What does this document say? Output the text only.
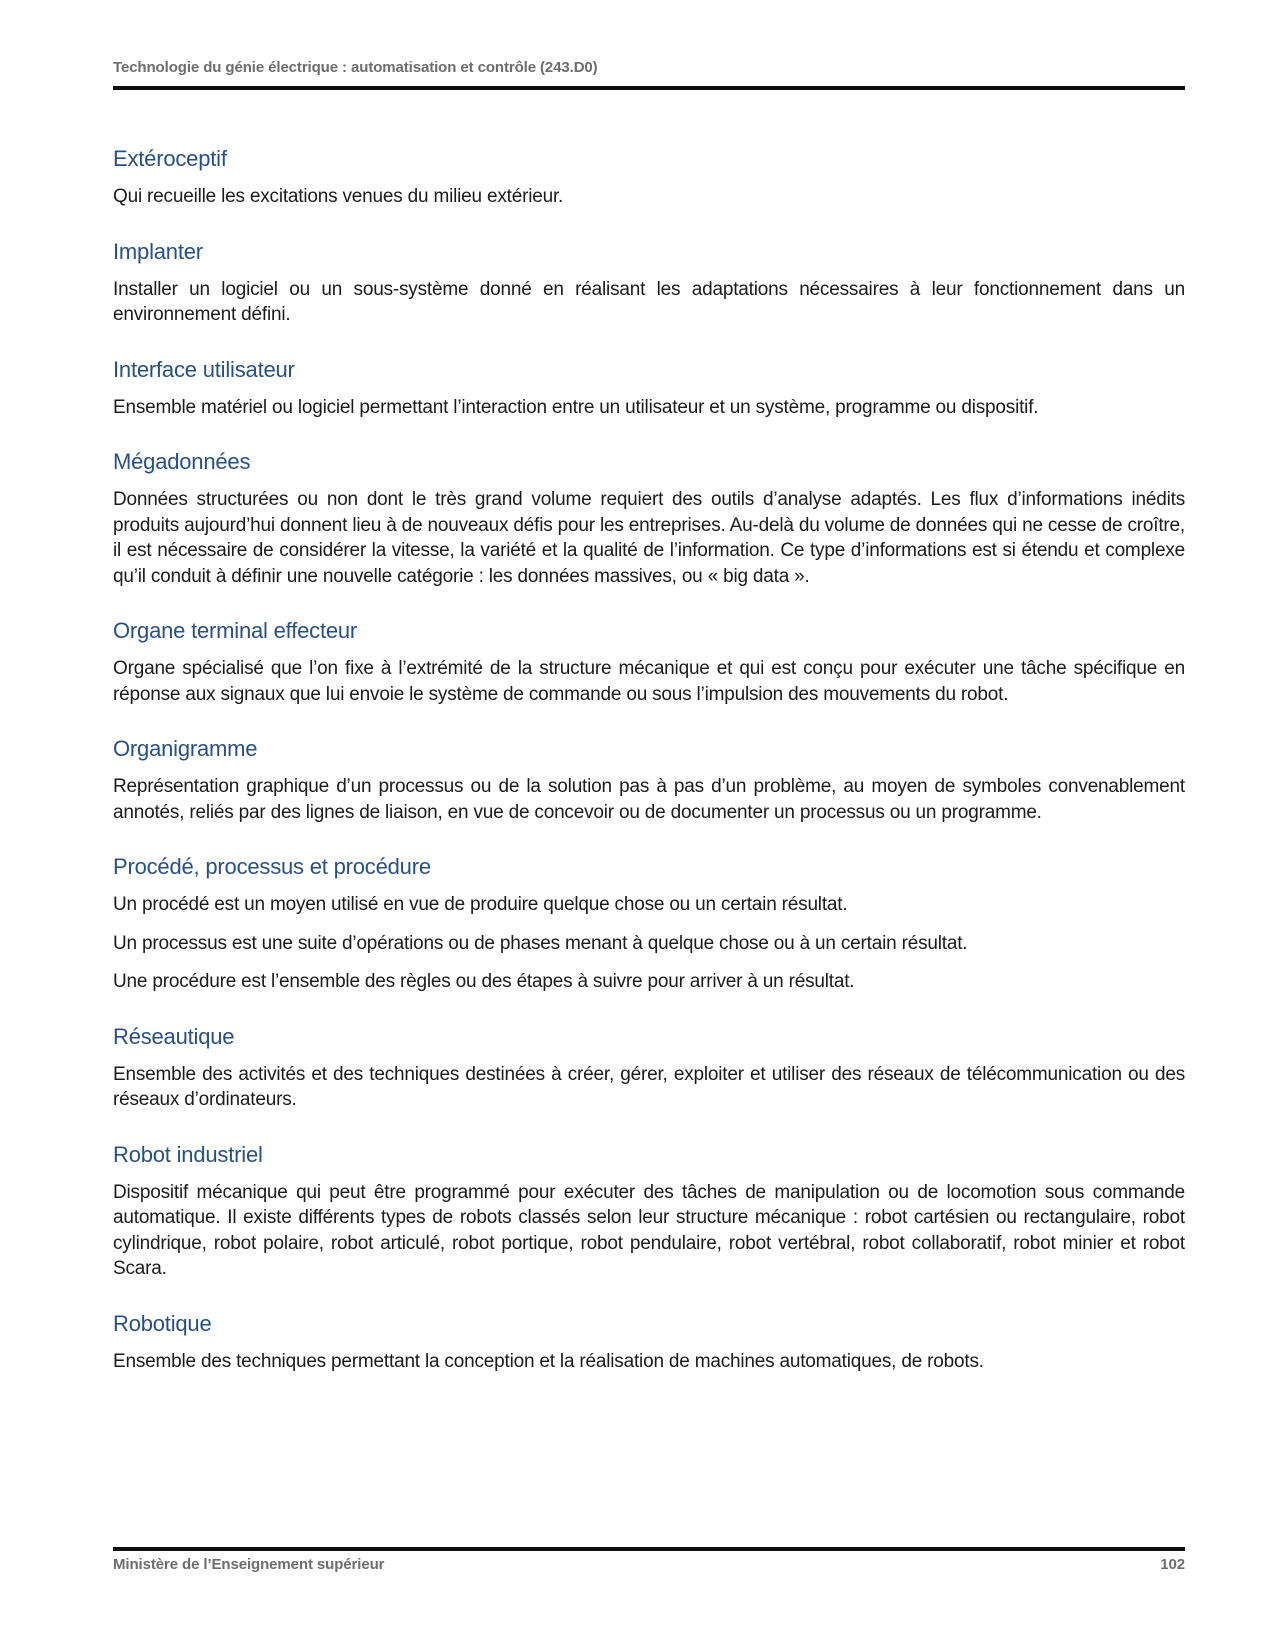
Technologie du génie électrique : automatisation et contrôle (243.D0)
Extéroceptif

Qui recueille les excitations venues du milieu extérieur.

Implanter

Installer un logiciel ou un sous-système donné en réalisant les adaptations nécessaires à leur fonctionnement dans un environnement défini.

Interface utilisateur

Ensemble matériel ou logiciel permettant l’interaction entre un utilisateur et un système, programme ou dispositif.

Mégadonnées

Données structurées ou non dont le très grand volume requiert des outils d’analyse adaptés. Les flux d’informations inédits produits aujourd’hui donnent lieu à de nouveaux défis pour les entreprises. Au-delà du volume de données qui ne cesse de croître, il est nécessaire de considérer la vitesse, la variété et la qualité de l’information. Ce type d’informations est si étendu et complexe qu’il conduit à définir une nouvelle catégorie : les données massives, ou « big data ».

Organe terminal effecteur

Organe spécialisé que l’on fixe à l’extrémité de la structure mécanique et qui est conçu pour exécuter une tâche spécifique en réponse aux signaux que lui envoie le système de commande ou sous l’impulsion des mouvements du robot.

Organigramme

Représentation graphique d’un processus ou de la solution pas à pas d’un problème, au moyen de symboles convenablement annotés, reliés par des lignes de liaison, en vue de concevoir ou de documenter un processus ou un programme.

Procédé, processus et procédure

Un procédé est un moyen utilisé en vue de produire quelque chose ou un certain résultat.

Un processus est une suite d’opérations ou de phases menant à quelque chose ou à un certain résultat.

Une procédure est l’ensemble des règles ou des étapes à suivre pour arriver à un résultat.

Réseautique

Ensemble des activités et des techniques destinées à créer, gérer, exploiter et utiliser des réseaux de télécommunication ou des réseaux d’ordinateurs.

Robot industriel

Dispositif mécanique qui peut être programmé pour exécuter des tâches de manipulation ou de locomotion sous commande automatique. Il existe différents types de robots classés selon leur structure mécanique : robot cartésien ou rectangulaire, robot cylindrique, robot polaire, robot articulé, robot portique, robot pendulaire, robot vertébral, robot collaboratif, robot minier et robot Scara.

Robotique

Ensemble des techniques permettant la conception et la réalisation de machines automatiques, de robots.

Ministère de l’Enseignement supérieur	102
